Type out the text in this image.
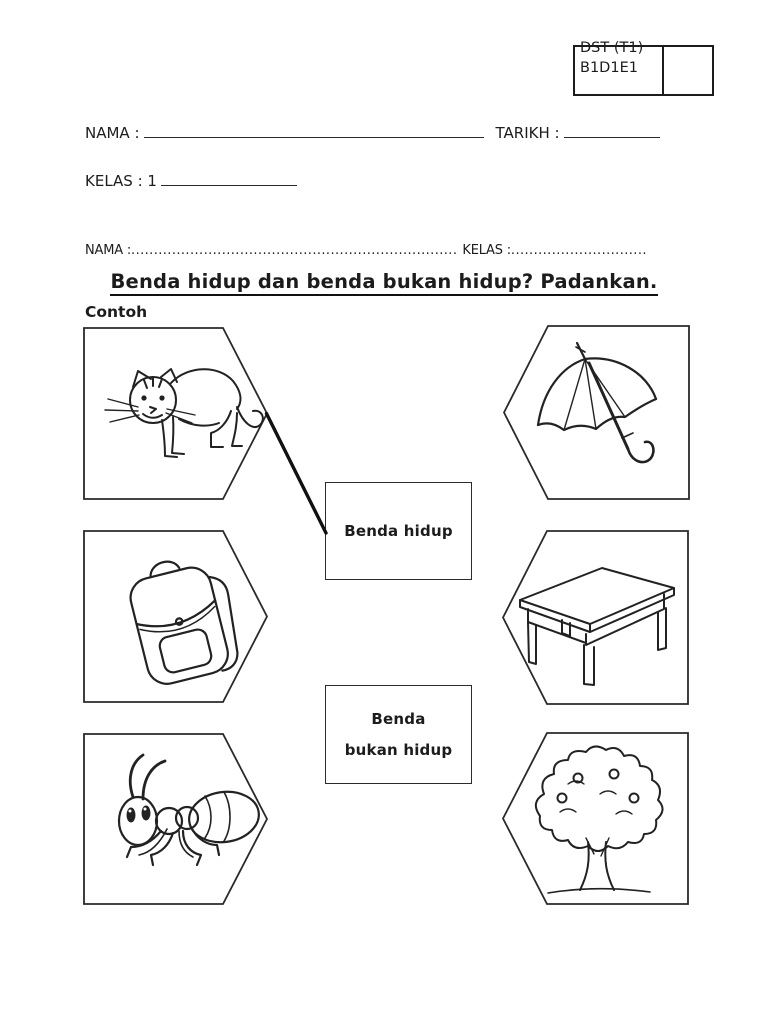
DST (T1)
B1D1E1
NAMA :	TARIKH :
KELAS : 1
NAMA :........................................................................ KELAS :..............................
Benda hidup dan benda bukan hidup? Padankan.
Contoh
Benda hidup
Benda
bukan hidup
